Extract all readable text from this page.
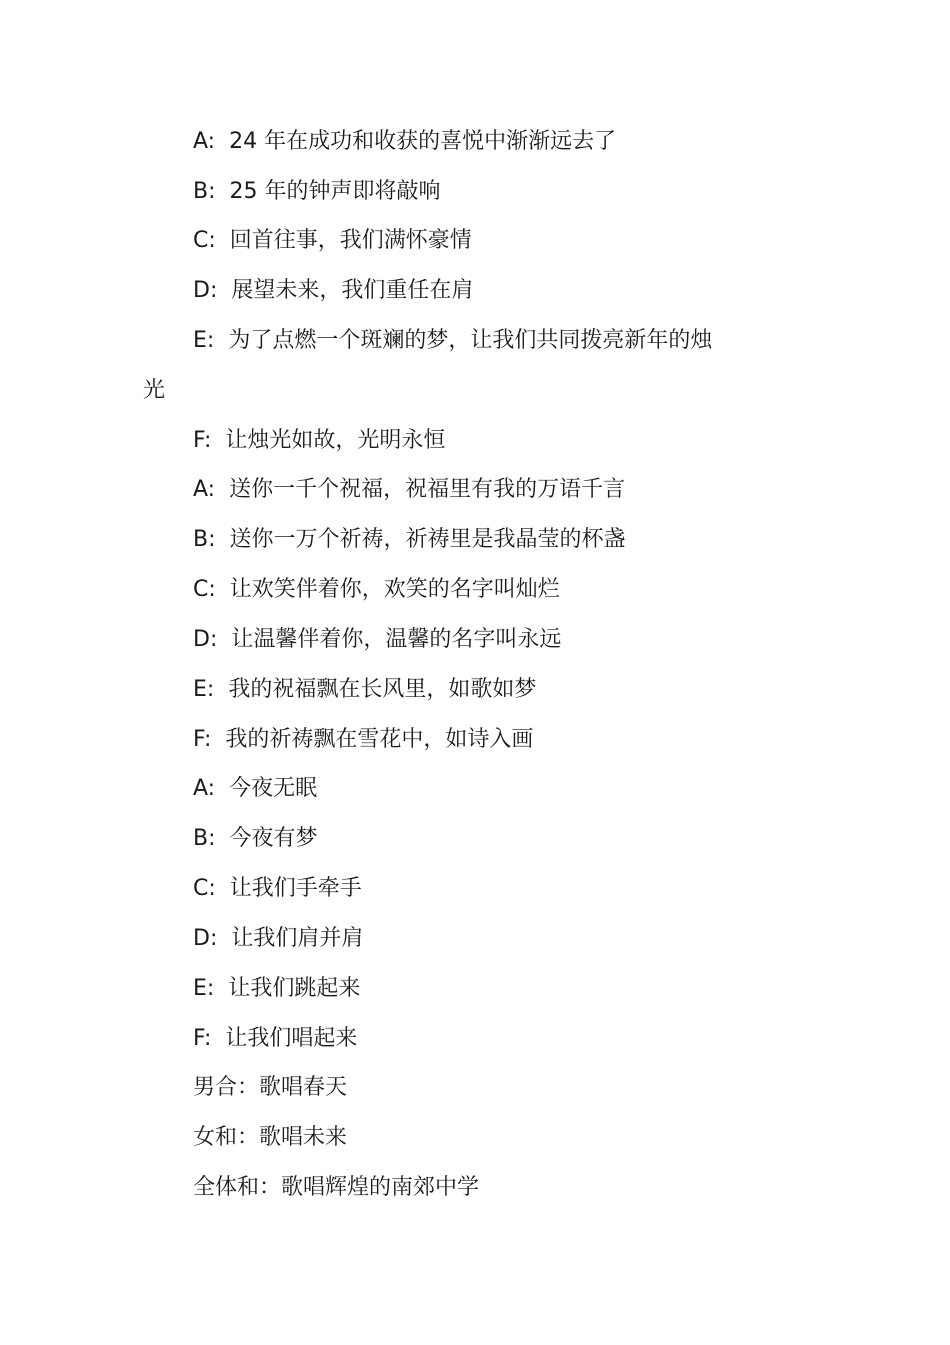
A: 24 年在成功和收获的喜悦中渐渐远去了
B: 25 年的钟声即将敲响
C: 回首往事，我们满怀豪情
D: 展望未来，我们重任在肩
E: 为了点燃一个斑斓的梦，让我们共同拨亮新年的烛
光
F: 让烛光如故，光明永恒
A: 送你一千个祝福，祝福里有我的万语千言
B: 送你一万个祈祷，祈祷里是我晶莹的杯盏
C: 让欢笑伴着你，欢笑的名字叫灿烂
D: 让温馨伴着你，温馨的名字叫永远
E: 我的祝福飘在长风里，如歌如梦
F: 我的祈祷飘在雪花中，如诗入画
A: 今夜无眠
B: 今夜有梦
C: 让我们手牵手
D: 让我们肩并肩
E: 让我们跳起来
F: 让我们唱起来
男合：歌唱春天
女和：歌唱未来
全体和：歌唱辉煌的南郊中学
